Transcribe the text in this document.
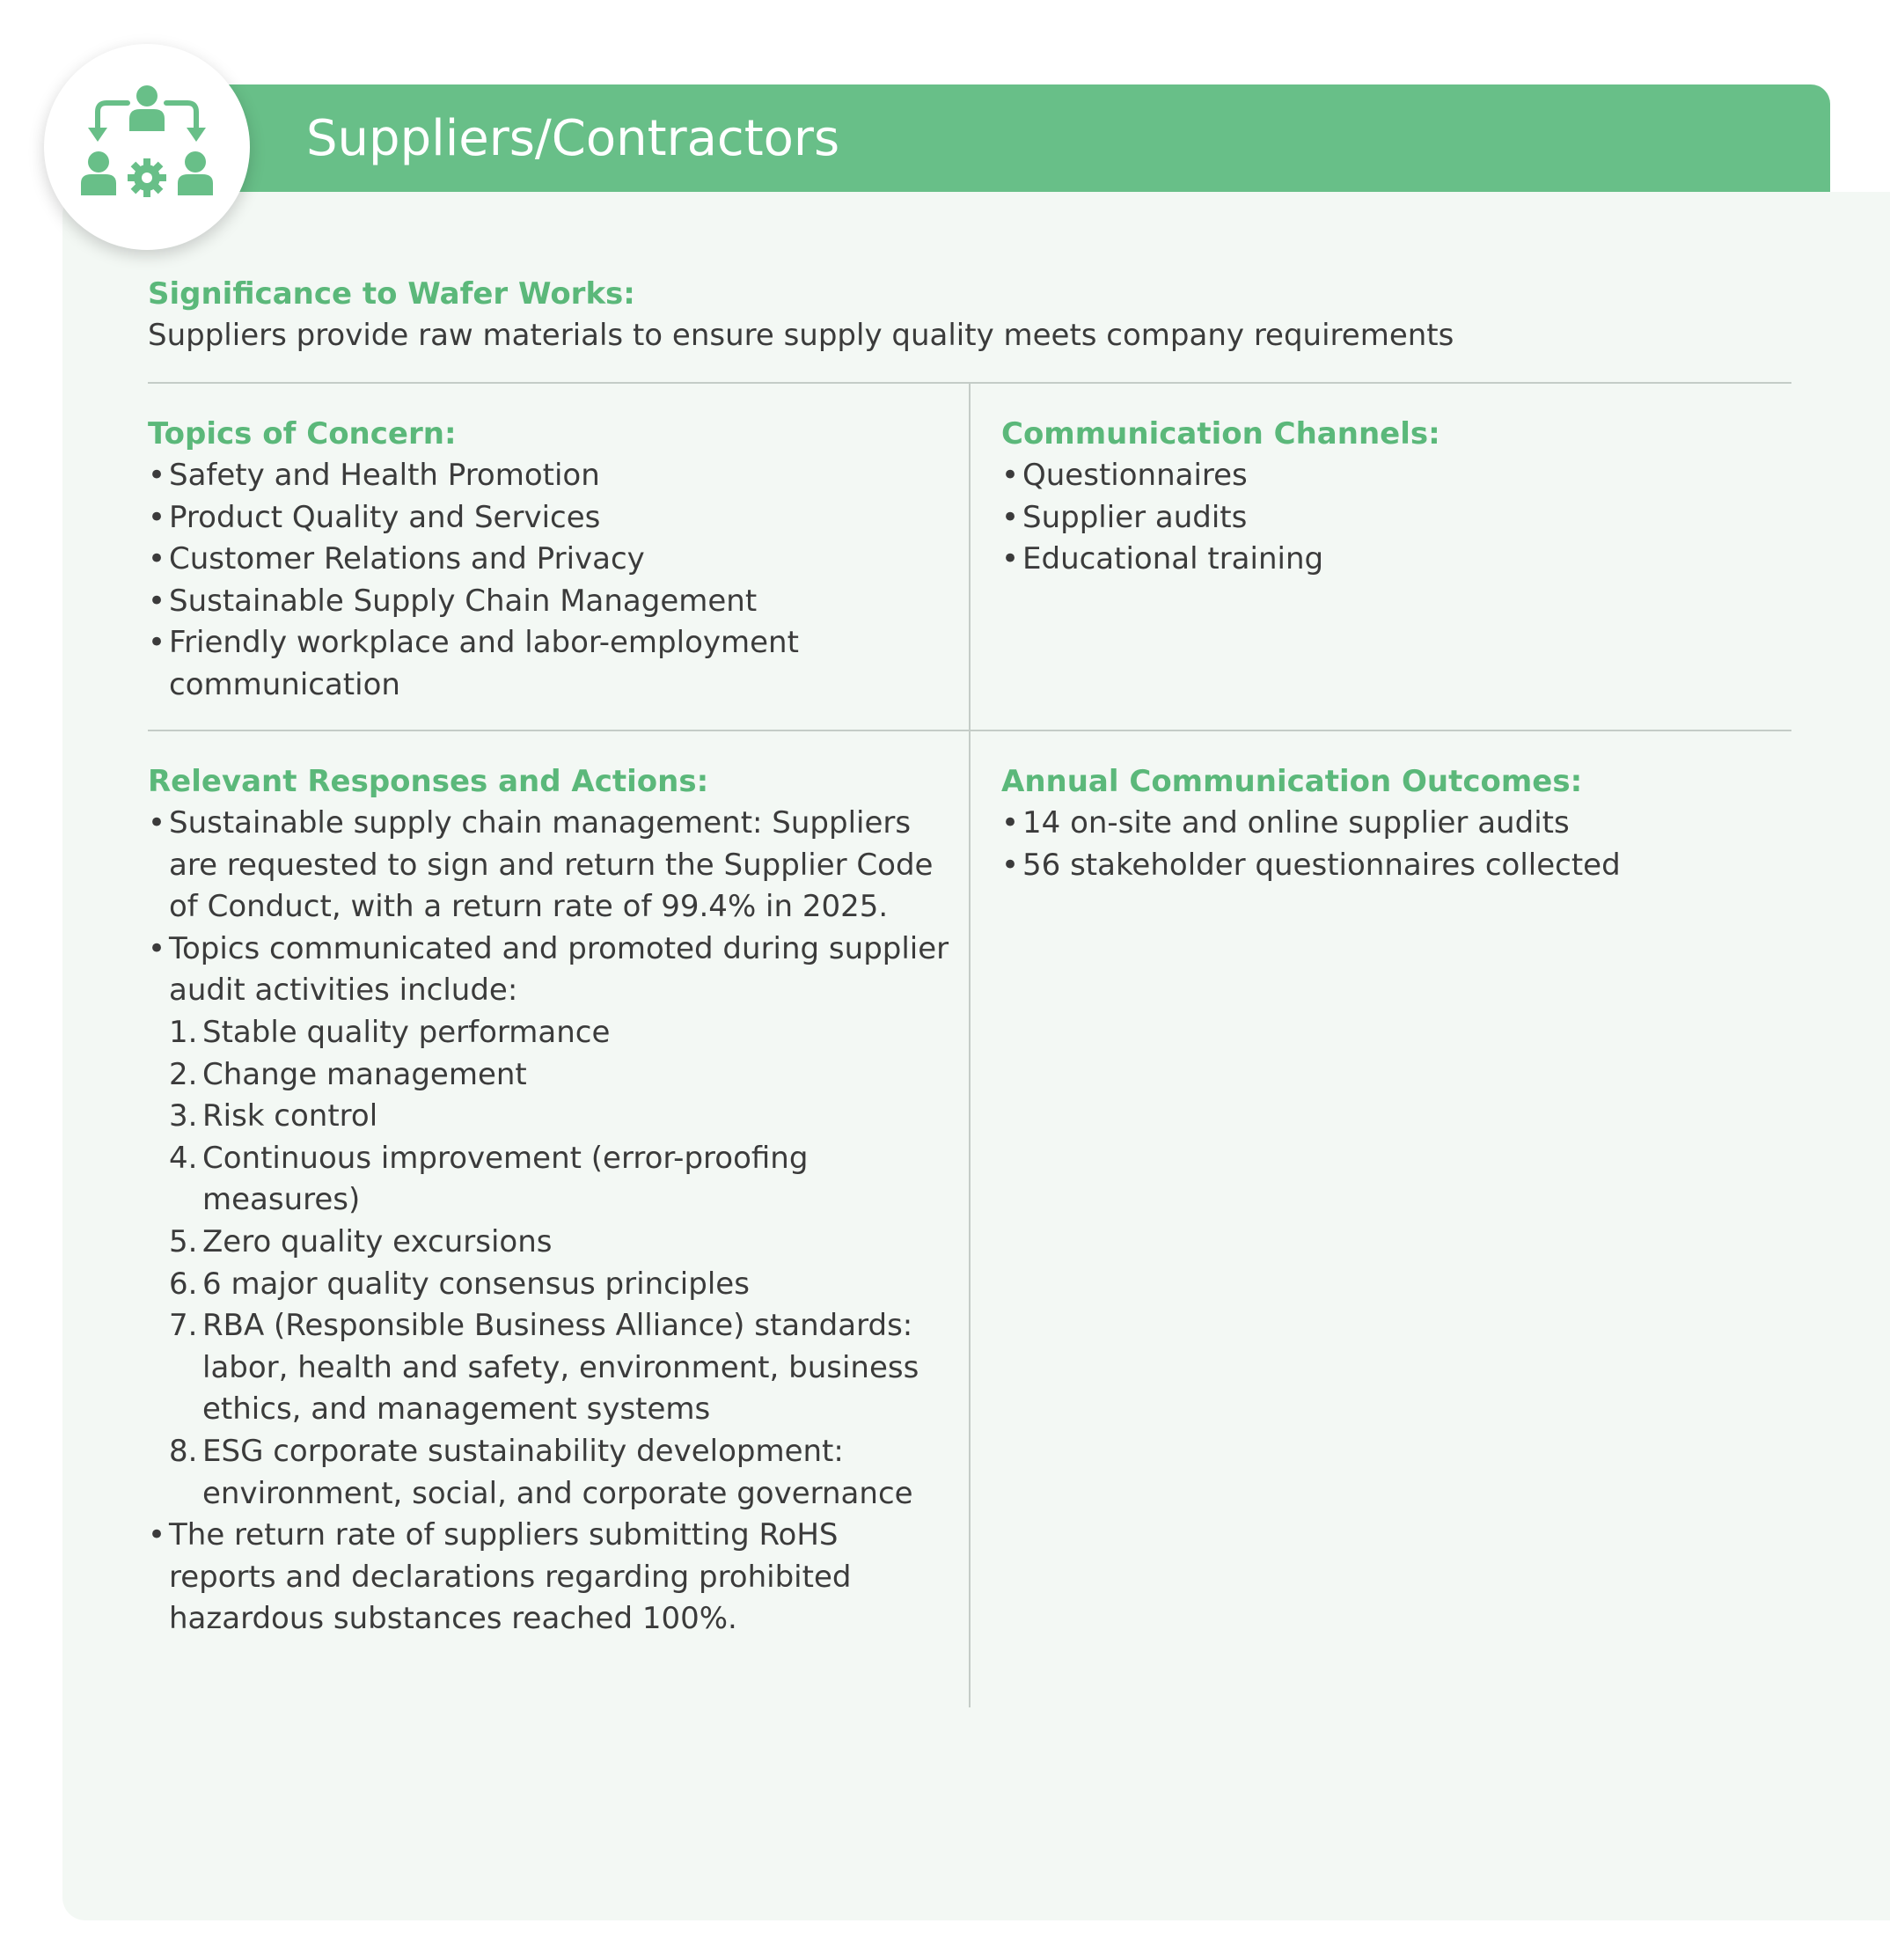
Suppliers/Contractors
Significance to Wafer Works:
Suppliers provide raw materials to ensure supply quality meets company requirements
Topics of Concern:
• Safety and Health Promotion
• Product Quality and Services
• Customer Relations and Privacy
• Sustainable Supply Chain Management
• Friendly workplace and labor-employment
communication
Communication Channels:
• Questionnaires
• Supplier audits
• Educational training
Relevant Responses and Actions:
• Sustainable supply chain management: Suppliers
are requested to sign and return the Supplier Code
of Conduct, with a return rate of 99.4% in 2025.
• Topics communicated and promoted during supplier
audit activities include:
1. Stable quality performance
2. Change management
3. Risk control
4. Continuous improvement (error-proofing
measures)
5. Zero quality excursions
6. 6 major quality consensus principles
7. RBA (Responsible Business Alliance) standards:
labor, health and safety, environment, business
ethics, and management systems
8. ESG corporate sustainability development:
environment, social, and corporate governance
• The return rate of suppliers submitting RoHS
reports and declarations regarding prohibited
hazardous substances reached 100%.
Annual Communication Outcomes:
• 14 on-site and online supplier audits
• 56 stakeholder questionnaires collected
